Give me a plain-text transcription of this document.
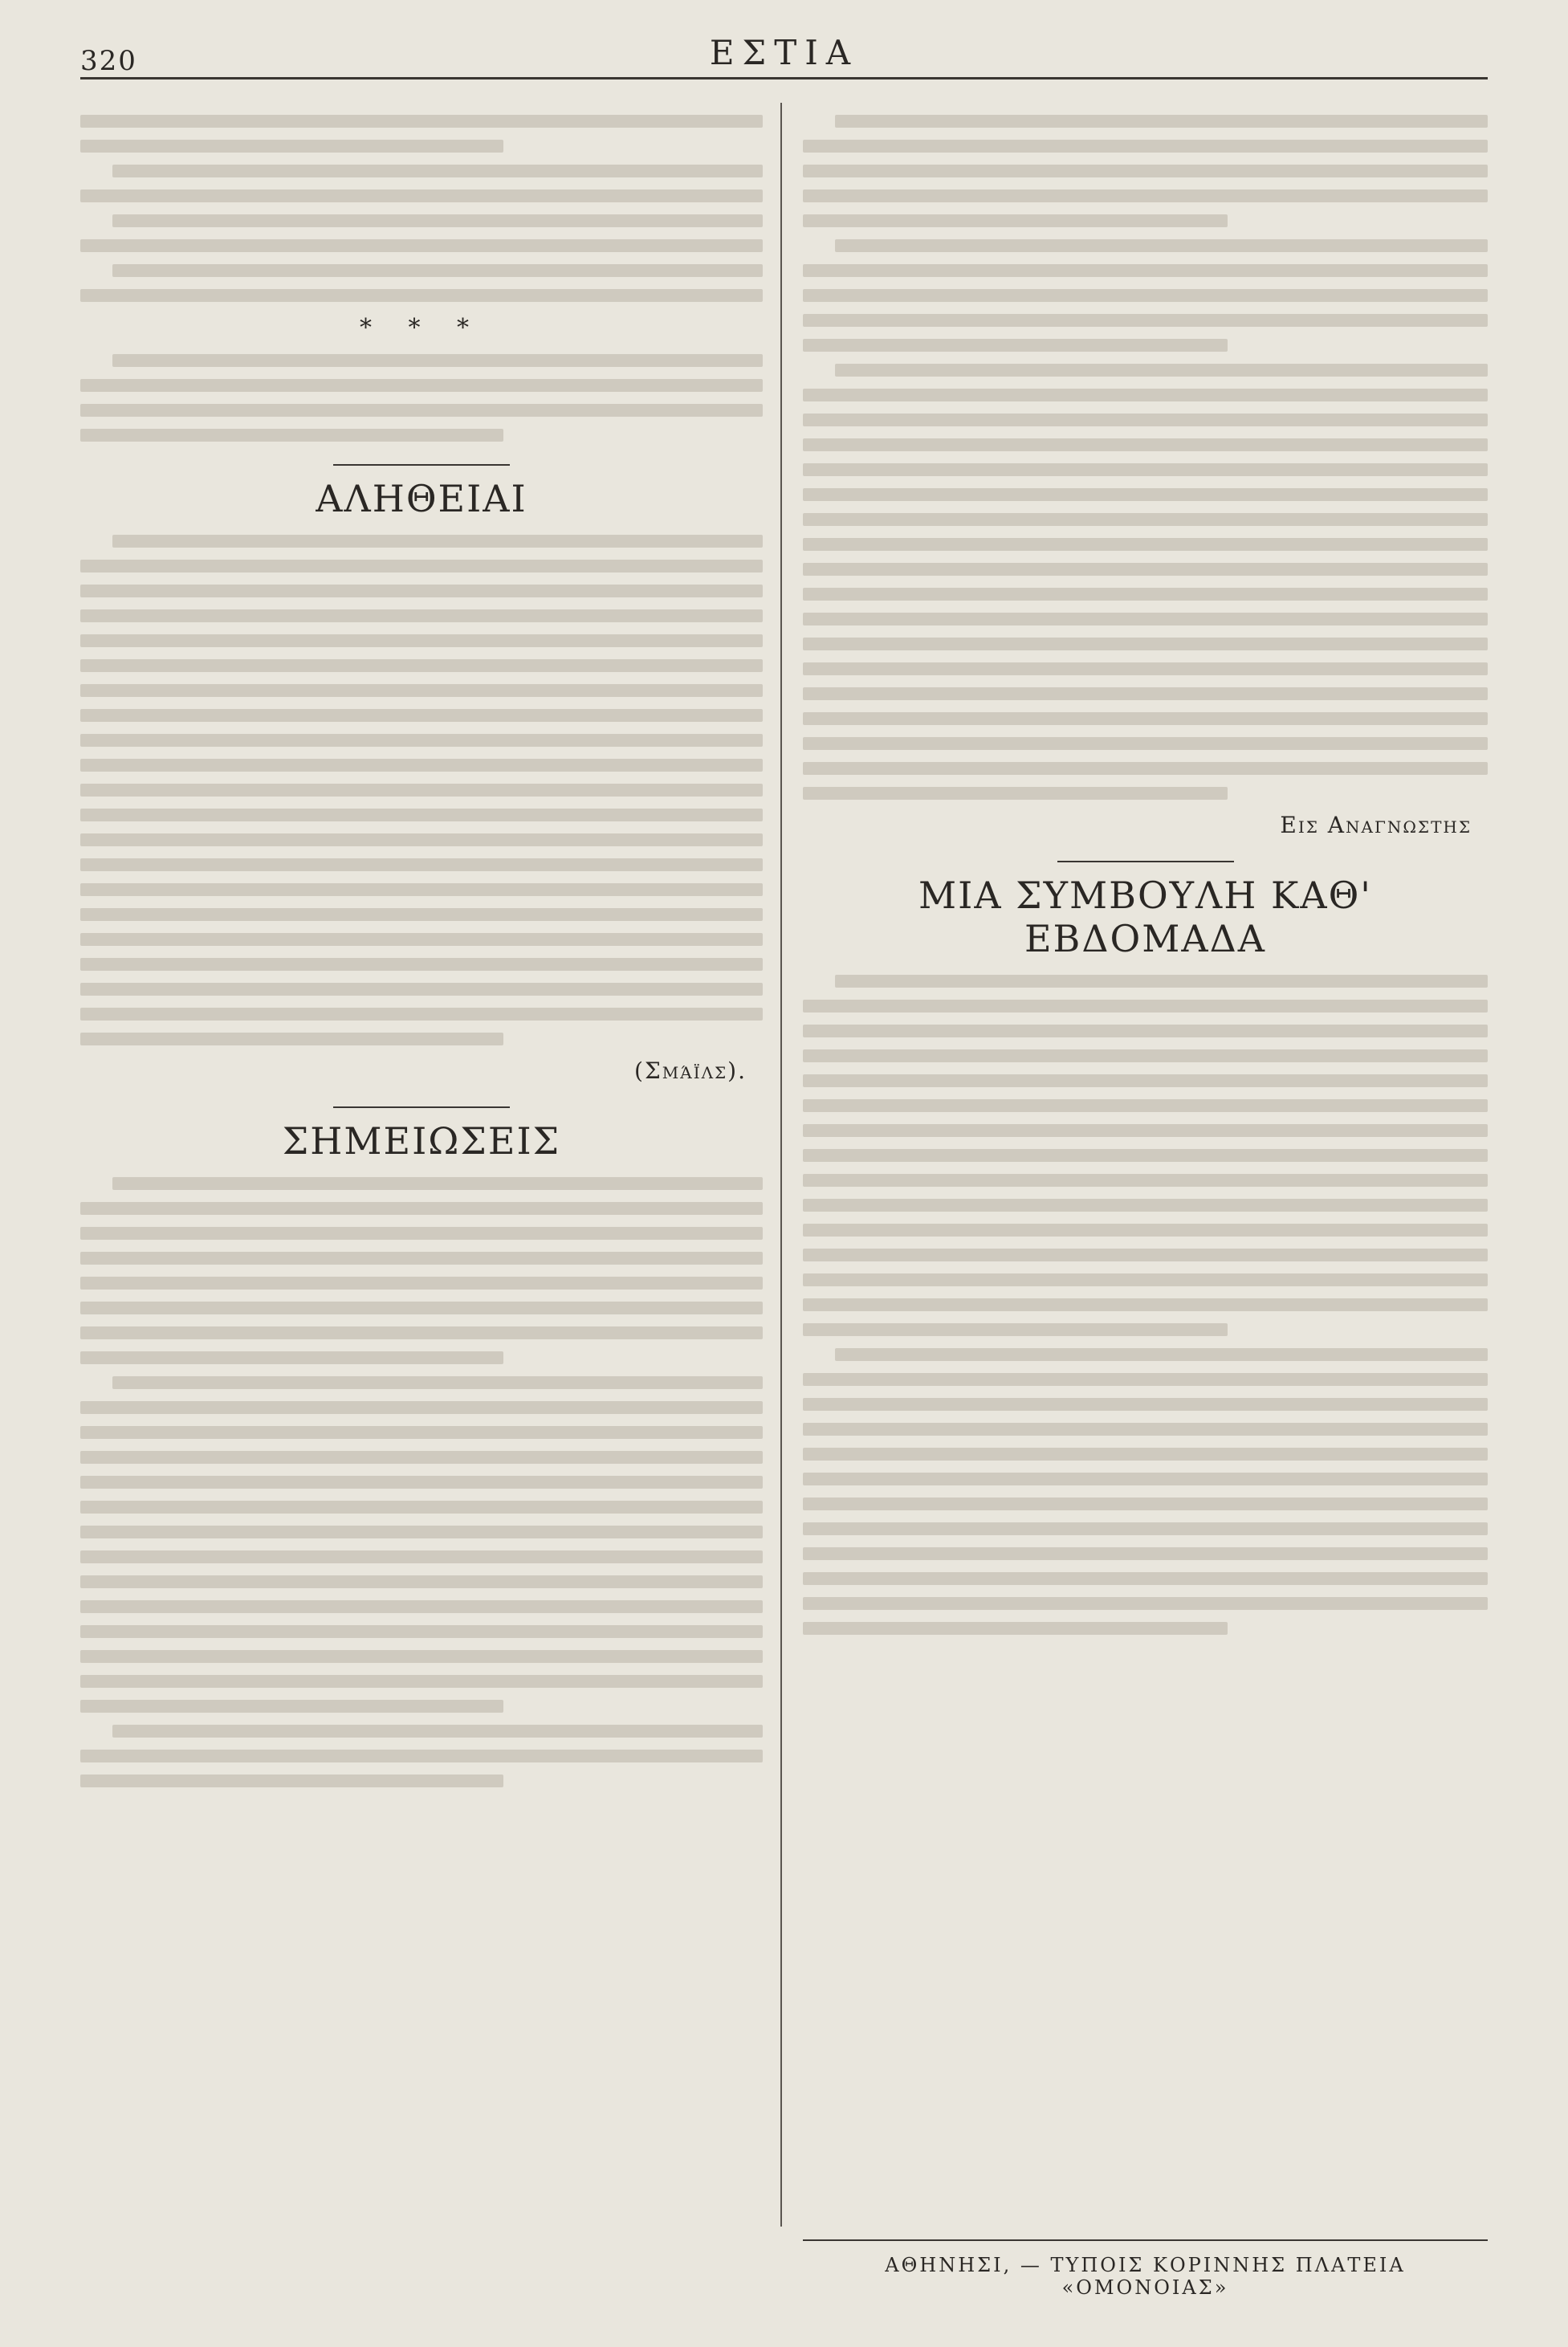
320	ΕΣΤΙΑ
* * *
ΑΛΗΘΕΙΑΙ
(Σμάϊλς).
ΣΗΜΕΙΩΣΕΙΣ
Εις Αναγνωστης
ΜΙΑ ΣΥΜΒΟΥΛΗ ΚΑΘ' ΕΒΔΟΜΑΔΑ
ΑΘΗΝΗΣΙ, — ΤΥΠΟΙΣ ΚΟΡΙΝΝΗΣ ΠΛΑΤΕΙΑ «ΟΜΟΝΟΙΑΣ»
